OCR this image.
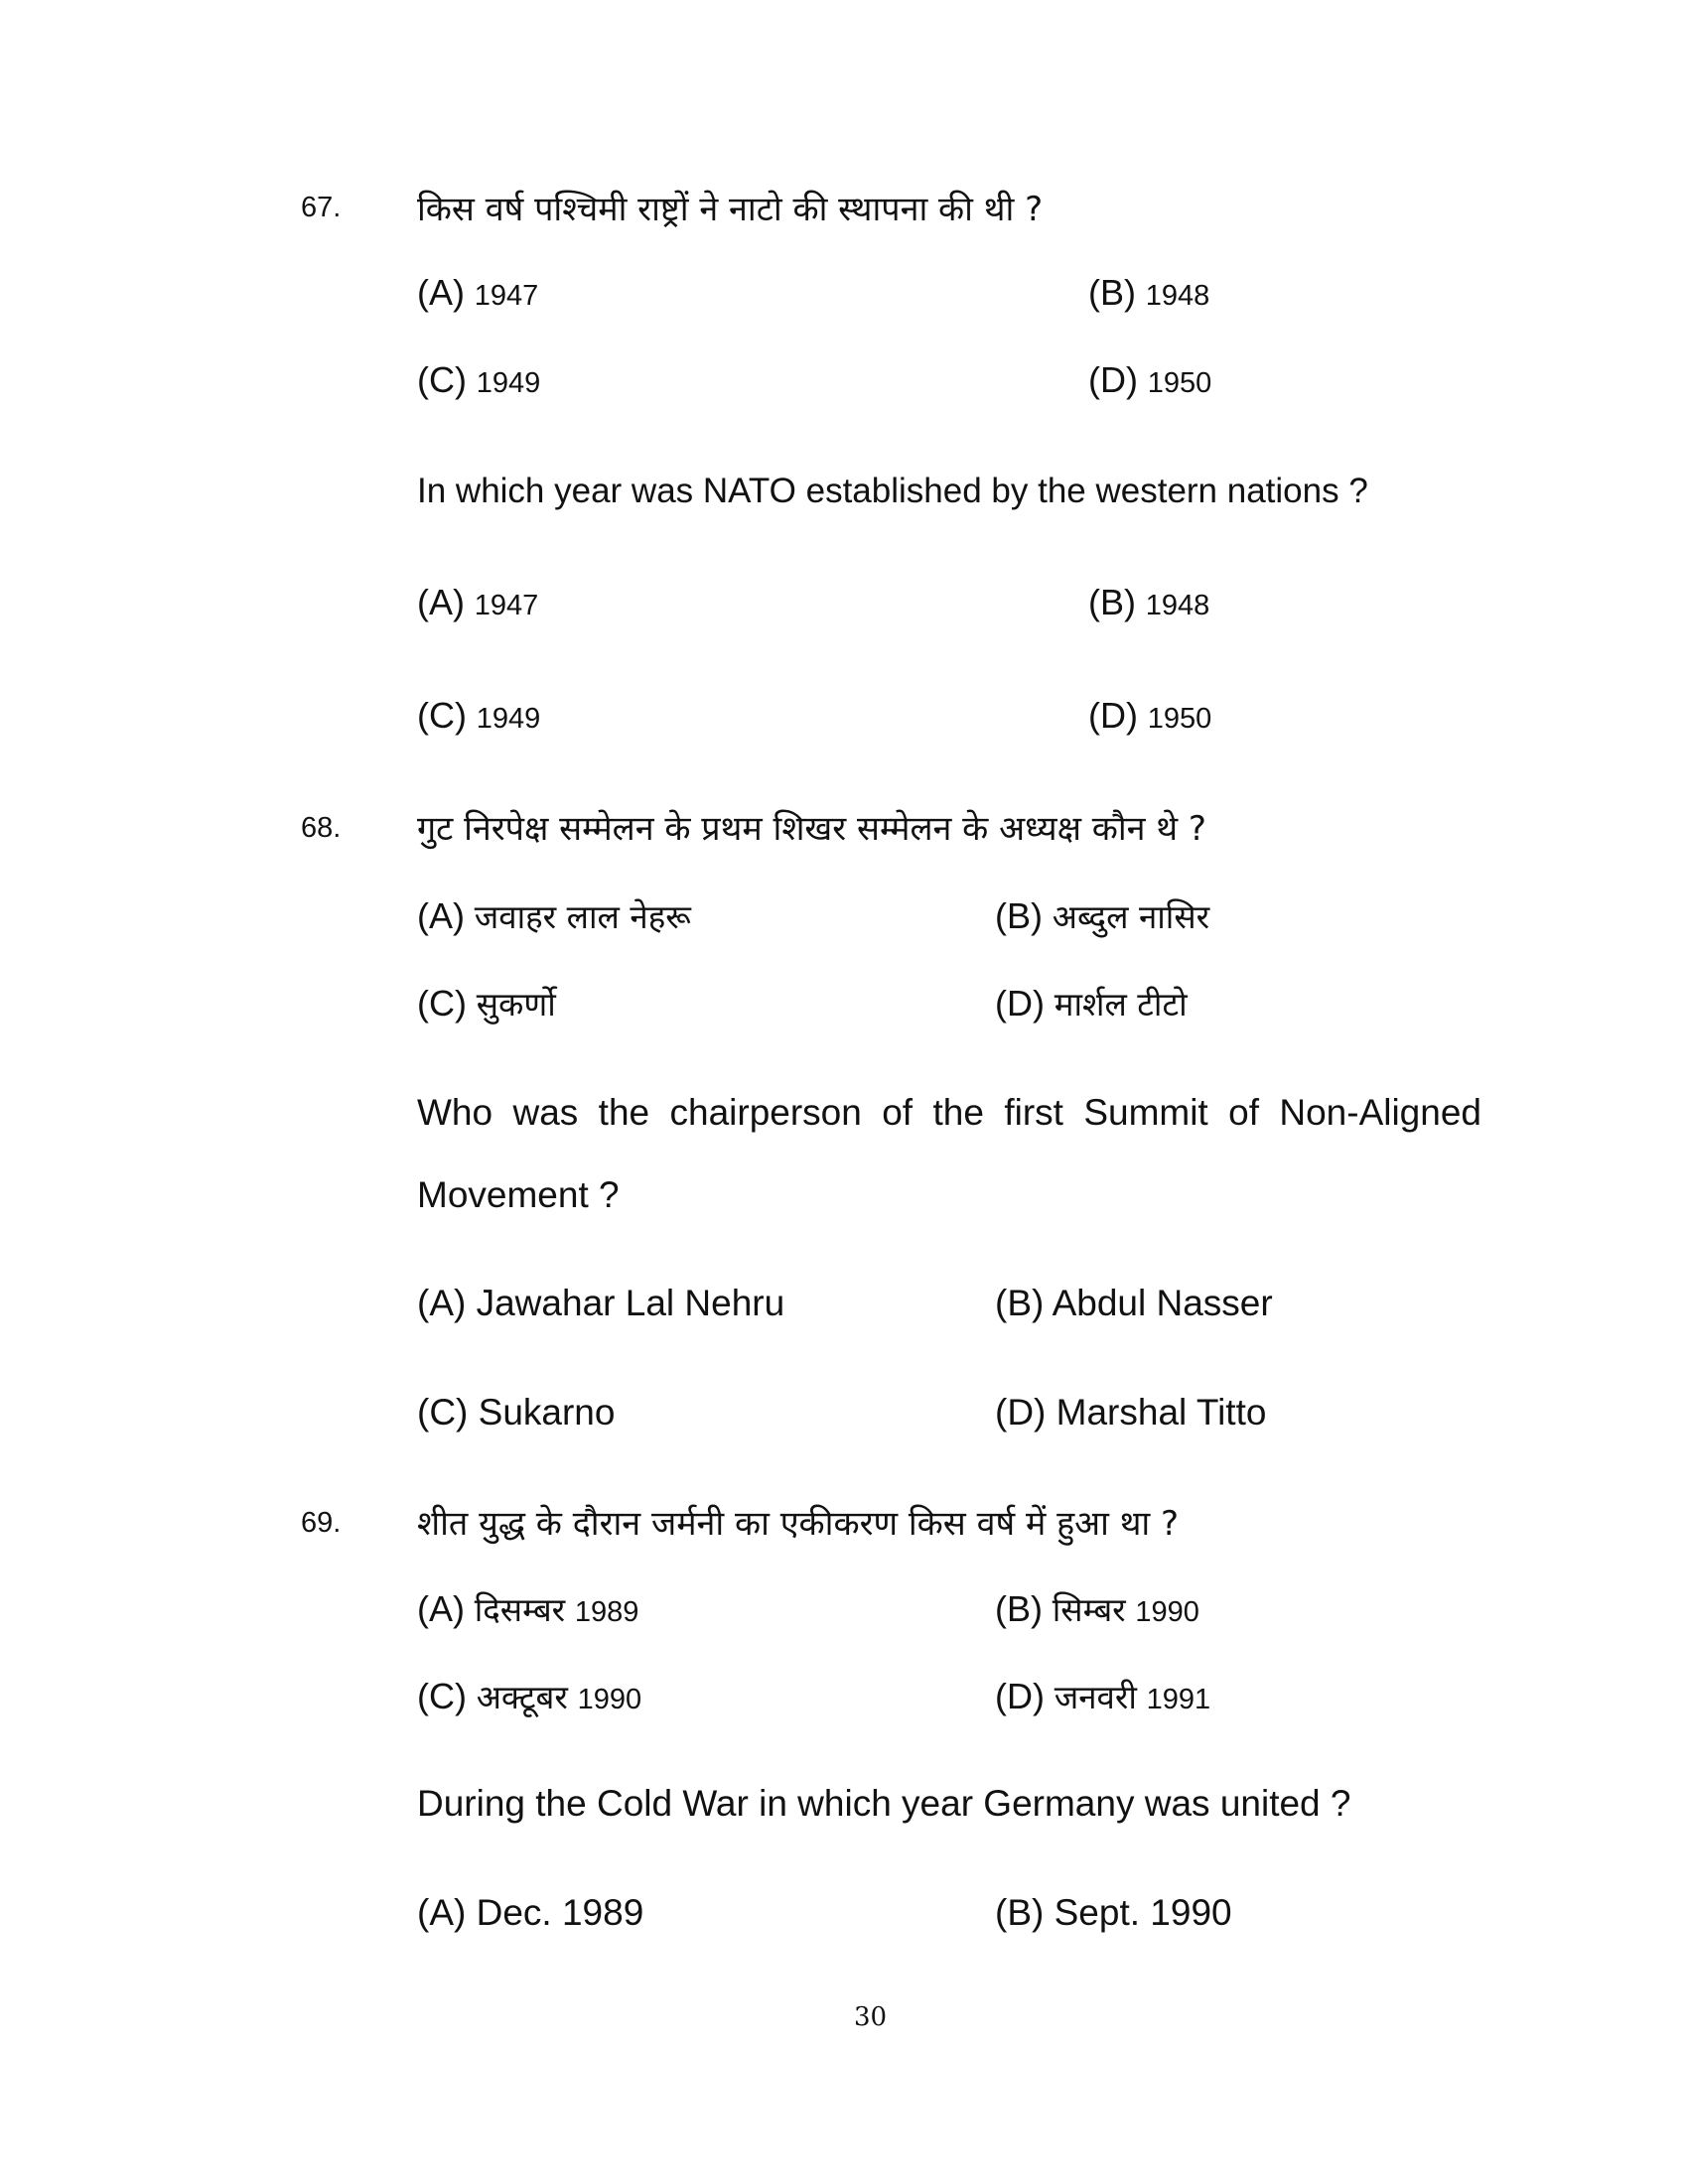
67. किस वर्ष पश्चिमी राष्ट्रों ने नाटो की स्थापना की थी ?
(A) 1947	(B) 1948
(C) 1949	(D) 1950
In which year was NATO established by the western nations ?
(A) 1947	(B) 1948
(C) 1949	(D) 1950
68. गुट निरपेक्ष सम्मेलन के प्रथम शिखर सम्मेलन के अध्यक्ष कौन थे ?
(A) जवाहर लाल नेहरू	(B) अब्दुल नासिर
(C) सुकर्णो	(D) मार्शल टीटो
Who was the chairperson of the first Summit of Non-Aligned
Movement ?
(A) Jawahar Lal Nehru	(B) Abdul Nasser
(C) Sukarno	(D) Marshal Titto
69. शीत युद्ध के दौरान जर्मनी का एकीकरण किस वर्ष में हुआ था ?
(A) दिसम्बर 1989	(B) सिम्बर 1990
(C) अक्टूबर 1990	(D) जनवरी 1991
During the Cold War in which year Germany was united ?
(A) Dec. 1989	(B) Sept. 1990
30
